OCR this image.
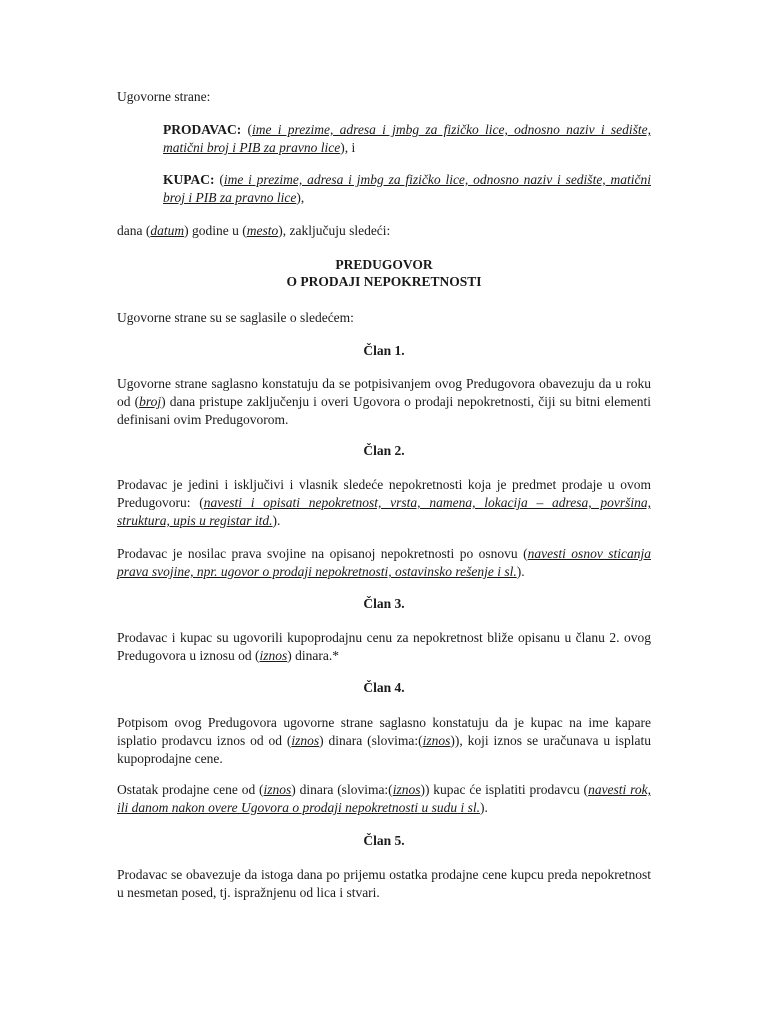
Ugovorne strane:

PRODAVAC: (ime i prezime, adresa i jmbg za fizičko lice, odnosno naziv i sedište, matični broj i PIB za pravno lice), i

KUPAC: (ime i prezime, adresa i jmbg za fizičko lice, odnosno naziv i sedište, matični broj i PIB za pravno lice),

dana (datum) godine u (mesto), zaključuju sledeći:

PREDUGOVOR

O PRODAJI NEPOKRETNOSTI

Ugovorne strane su se saglasile o sledećem:

Član 1.

Ugovorne strane saglasno konstatuju da se potpisivanjem ovog Predugovora obavezuju da u roku od (broj) dana pristupe zaključenju i overi Ugovora o prodaji nepokretnosti, čiji su bitni elementi definisani ovim Predugovorom.

Član 2.

Prodavac je jedini i isključivi i vlasnik sledeće nepokretnosti koja je predmet prodaje u ovom Predugovoru: (navesti i opisati nepokretnost, vrsta, namena, lokacija – adresa, površina, struktura, upis u registar itd.).

Prodavac je nosilac prava svojine na opisanoj nepokretnosti po osnovu (navesti osnov sticanja prava svojine, npr. ugovor o prodaji nepokretnosti, ostavinsko rešenje i sl.).

Član 3.

Prodavac i kupac su ugovorili kupoprodajnu cenu za nepokretnost bliže opisanu u članu 2. ovog Predugovora u iznosu od (iznos) dinara.*

Član 4.

Potpisom ovog Predugovora ugovorne strane saglasno konstatuju da je kupac na ime kapare isplatio prodavcu iznos od od (iznos) dinara (slovima:(iznos)), koji iznos se uračunava u isplatu kupoprodajne cene.

Ostatak prodajne cene od (iznos) dinara (slovima:(iznos)) kupac će isplatiti prodavcu (navesti rok, ili danom nakon overe Ugovora o prodaji nepokretnosti u sudu i sl.).

Član 5.

Prodavac se obavezuje da istoga dana po prijemu ostatka prodajne cene kupcu preda nepokretnost u nesmetan posed, tj. ispražnjenu od lica i stvari.
